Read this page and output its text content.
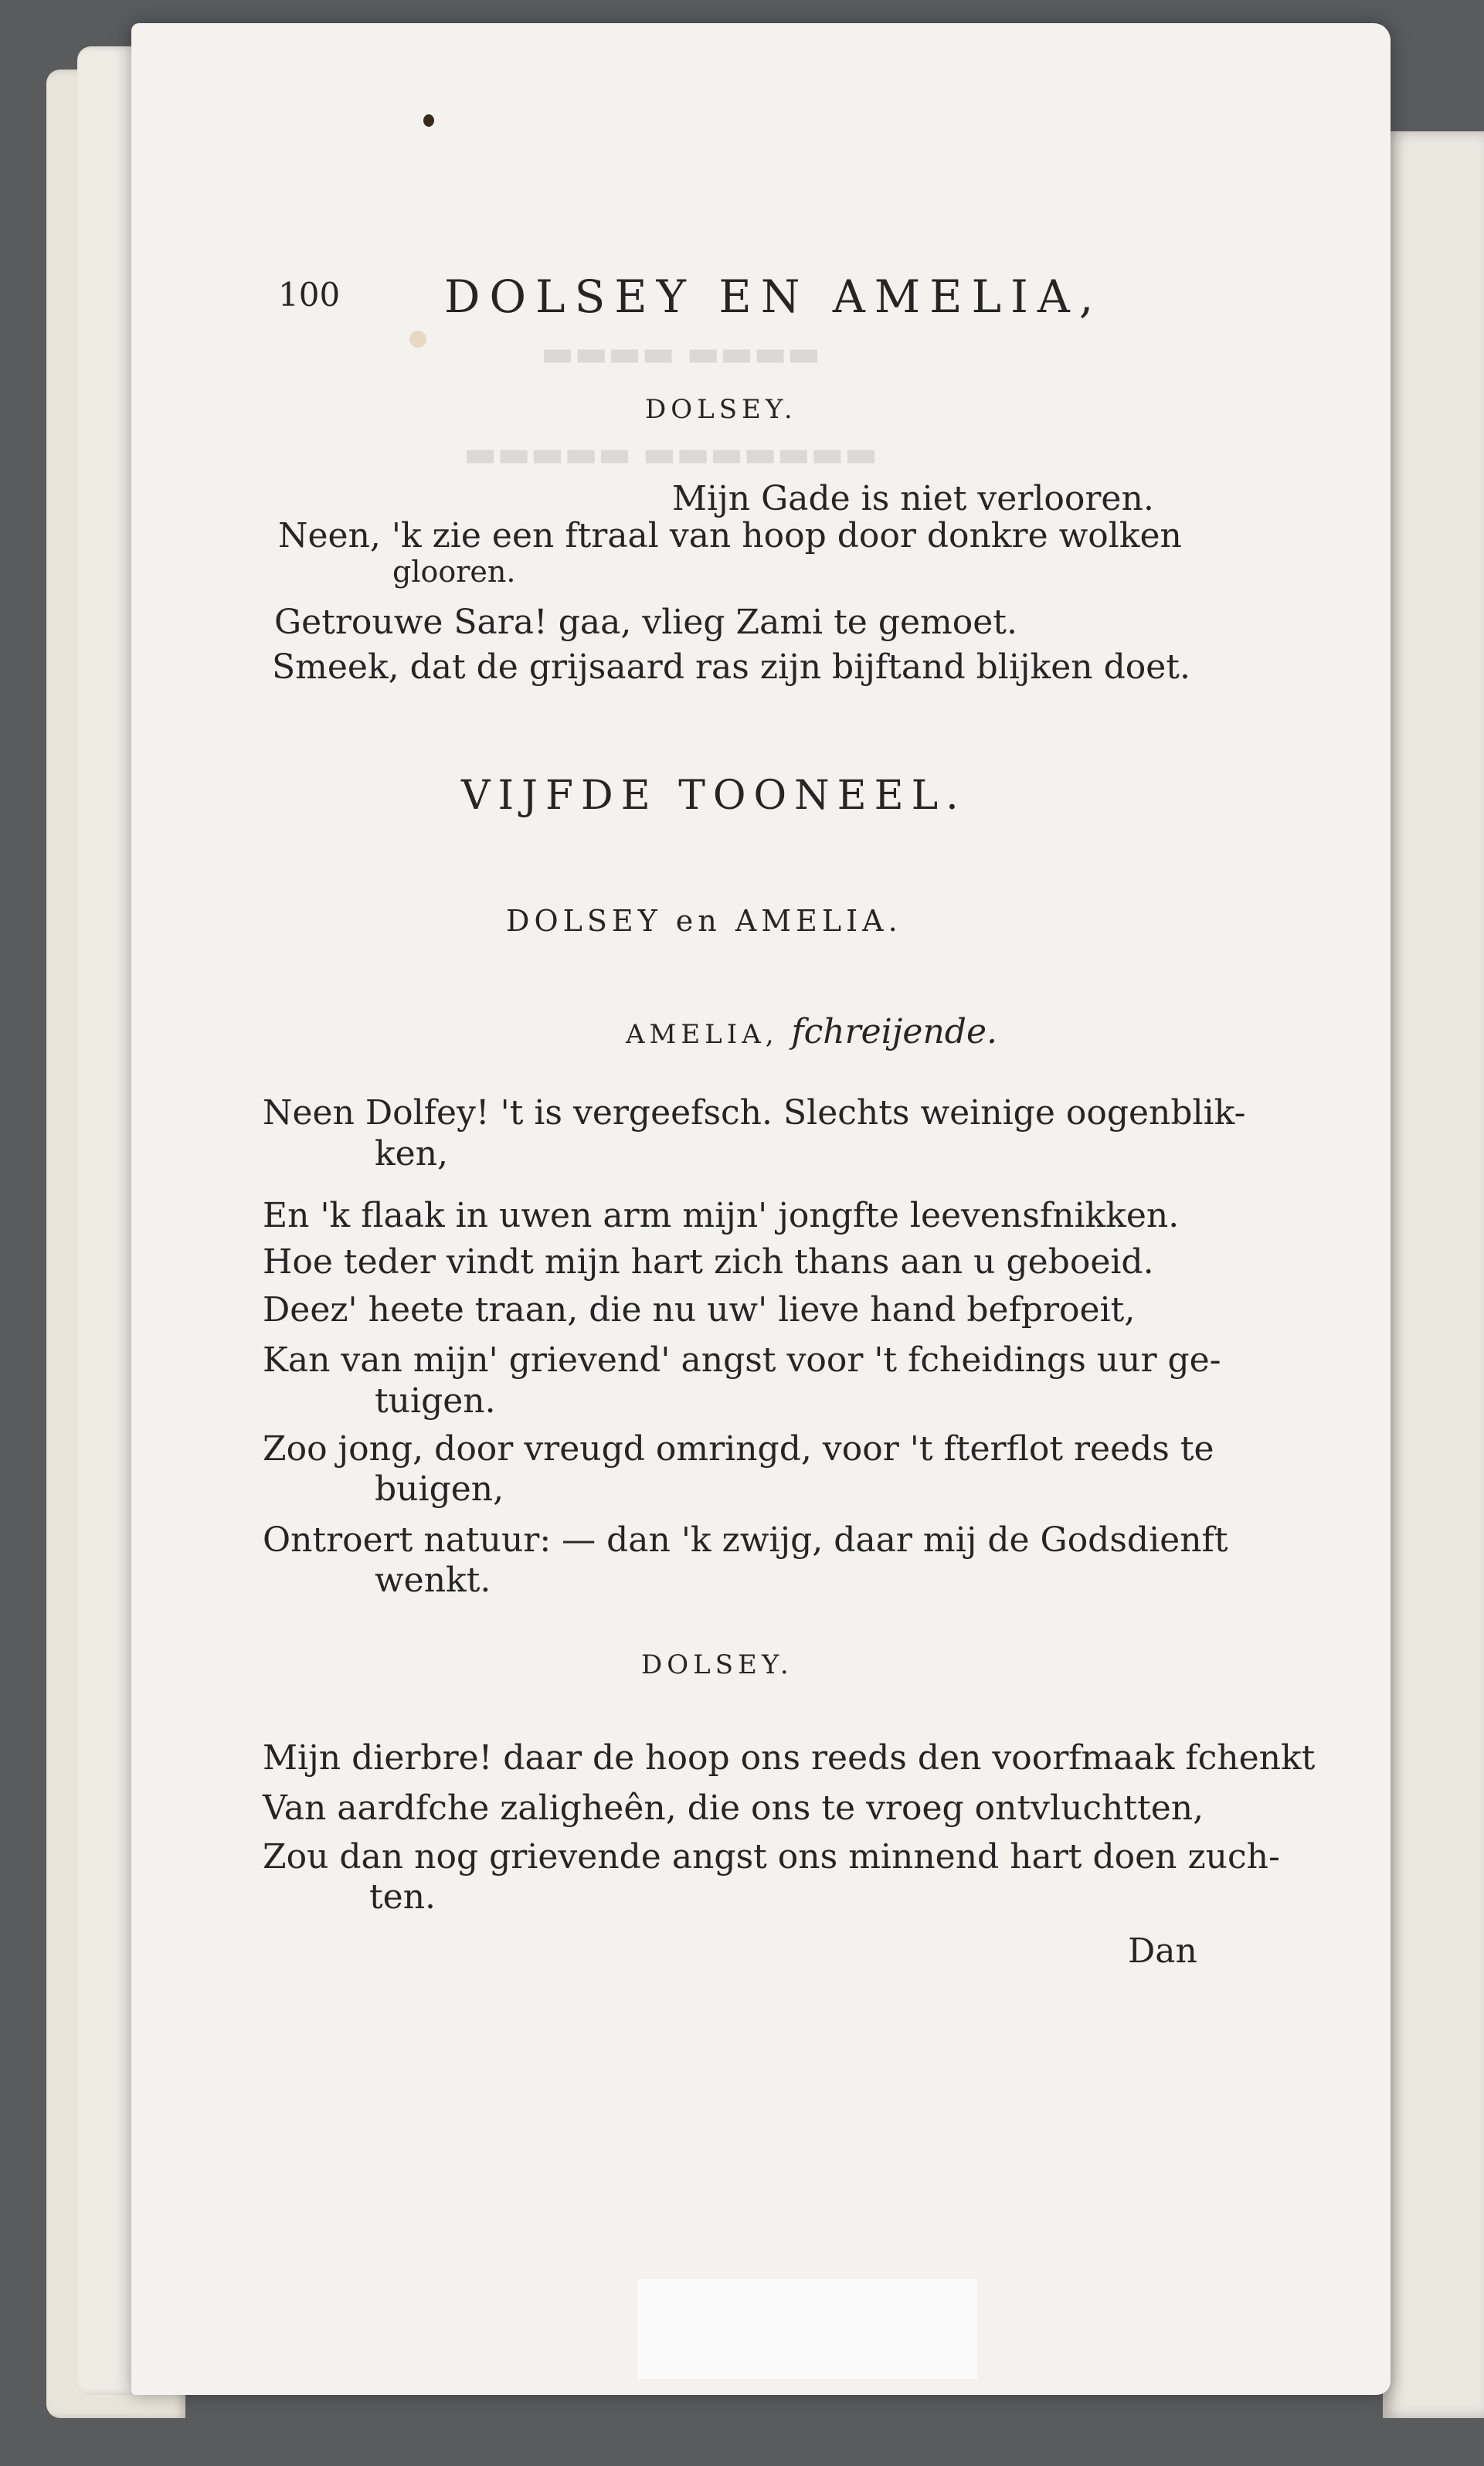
▬▬▬▬ ▬▬▬▬
▬▬▬▬▬ ▬▬▬▬▬▬▬
100 DOLSEY EN AMELIA,
DOLSEY.
Mijn Gade is niet verlooren.
Neen, 'k zie een ftraal van hoop door donkre wolken
glooren.
Getrouwe Sara! gaa, vlieg Zami te gemoet.
Smeek, dat de grijsaard ras zijn bijftand blijken doet.
VIJFDE TOONEEL.
DOLSEY en AMELIA.
AMELIA, fchreijende.
Neen Dolfey! 't is vergeefsch. Slechts weinige oogenblik-
ken,
En 'k flaak in uwen arm mijn' jongfte leevensfnikken.
Hoe teder vindt mijn hart zich thans aan u geboeid.
Deez' heete traan, die nu uw' lieve hand befproeit,
Kan van mijn' grievend' angst voor 't fcheidings uur ge-
tuigen.
Zoo jong, door vreugd omringd, voor 't fterflot reeds te
buigen,
Ontroert natuur: — dan 'k zwijg, daar mij de Godsdienft
wenkt.
DOLSEY.
Mijn dierbre! daar de hoop ons reeds den voorfmaak fchenkt
Van aardfche zaligheên, die ons te vroeg ontvluchtten,
Zou dan nog grievende angst ons minnend hart doen zuch-
ten.
Dan
